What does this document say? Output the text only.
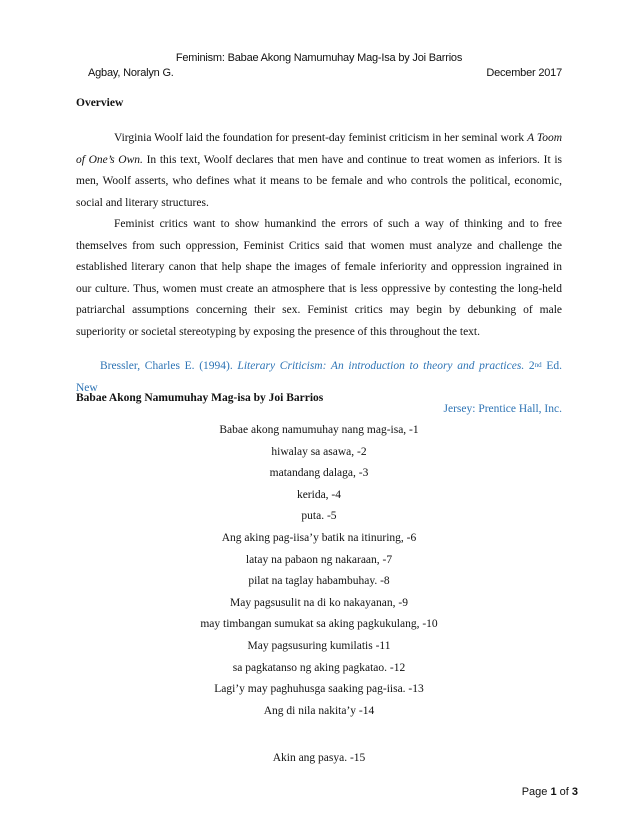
Feminism: Babae Akong Namumuhay Mag-Isa by Joi Barrios
Agbay, Noralyn G.	December 2017
Overview
Virginia Woolf laid the foundation for present-day feminist criticism in her seminal work A Toom of One’s Own. In this text, Woolf declares that men have and continue to treat women as inferiors. It is men, Woolf asserts, who defines what it means to be female and who controls the political, economic, social and literary structures.
Feminist critics want to show humankind the errors of such a way of thinking and to free themselves from such oppression, Feminist Critics said that women must analyze and challenge the established literary canon that help shape the images of female inferiority and oppression ingrained in our culture. Thus, women must create an atmosphere that is less oppressive by contesting the long-held patriarchal assumptions concerning their sex. Feminist critics may begin by debunking of male superiority or societal stereotyping by exposing the presence of this throughout the text.
Bressler, Charles E. (1994). Literary Criticism: An introduction to theory and practices. 2nd Ed. New
Jersey: Prentice Hall, Inc.
Babae Akong Namumuhay Mag-isa by Joi Barrios
Babae akong namumuhay nang mag-isa, -1
hiwalay sa asawa, -2
matandang dalaga, -3
kerida, -4
puta. -5
Ang aking pag-iisa’y batik na itinuring, -6
latay na pabaon ng nakaraan, -7
pilat na taglay habambuhay. -8
May pagsusulit na di ko nakayanan, -9
may timbangan sumukat sa aking pagkukulang, -10
May pagsusuring kumilatis -11
sa pagkatanso ng aking pagkatao. -12
Lagi’y may paghuhusga saaking pag-iisa. -13
Ang di nila nakita’y -14
Akin ang pasya. -15
Page 1 of 3
